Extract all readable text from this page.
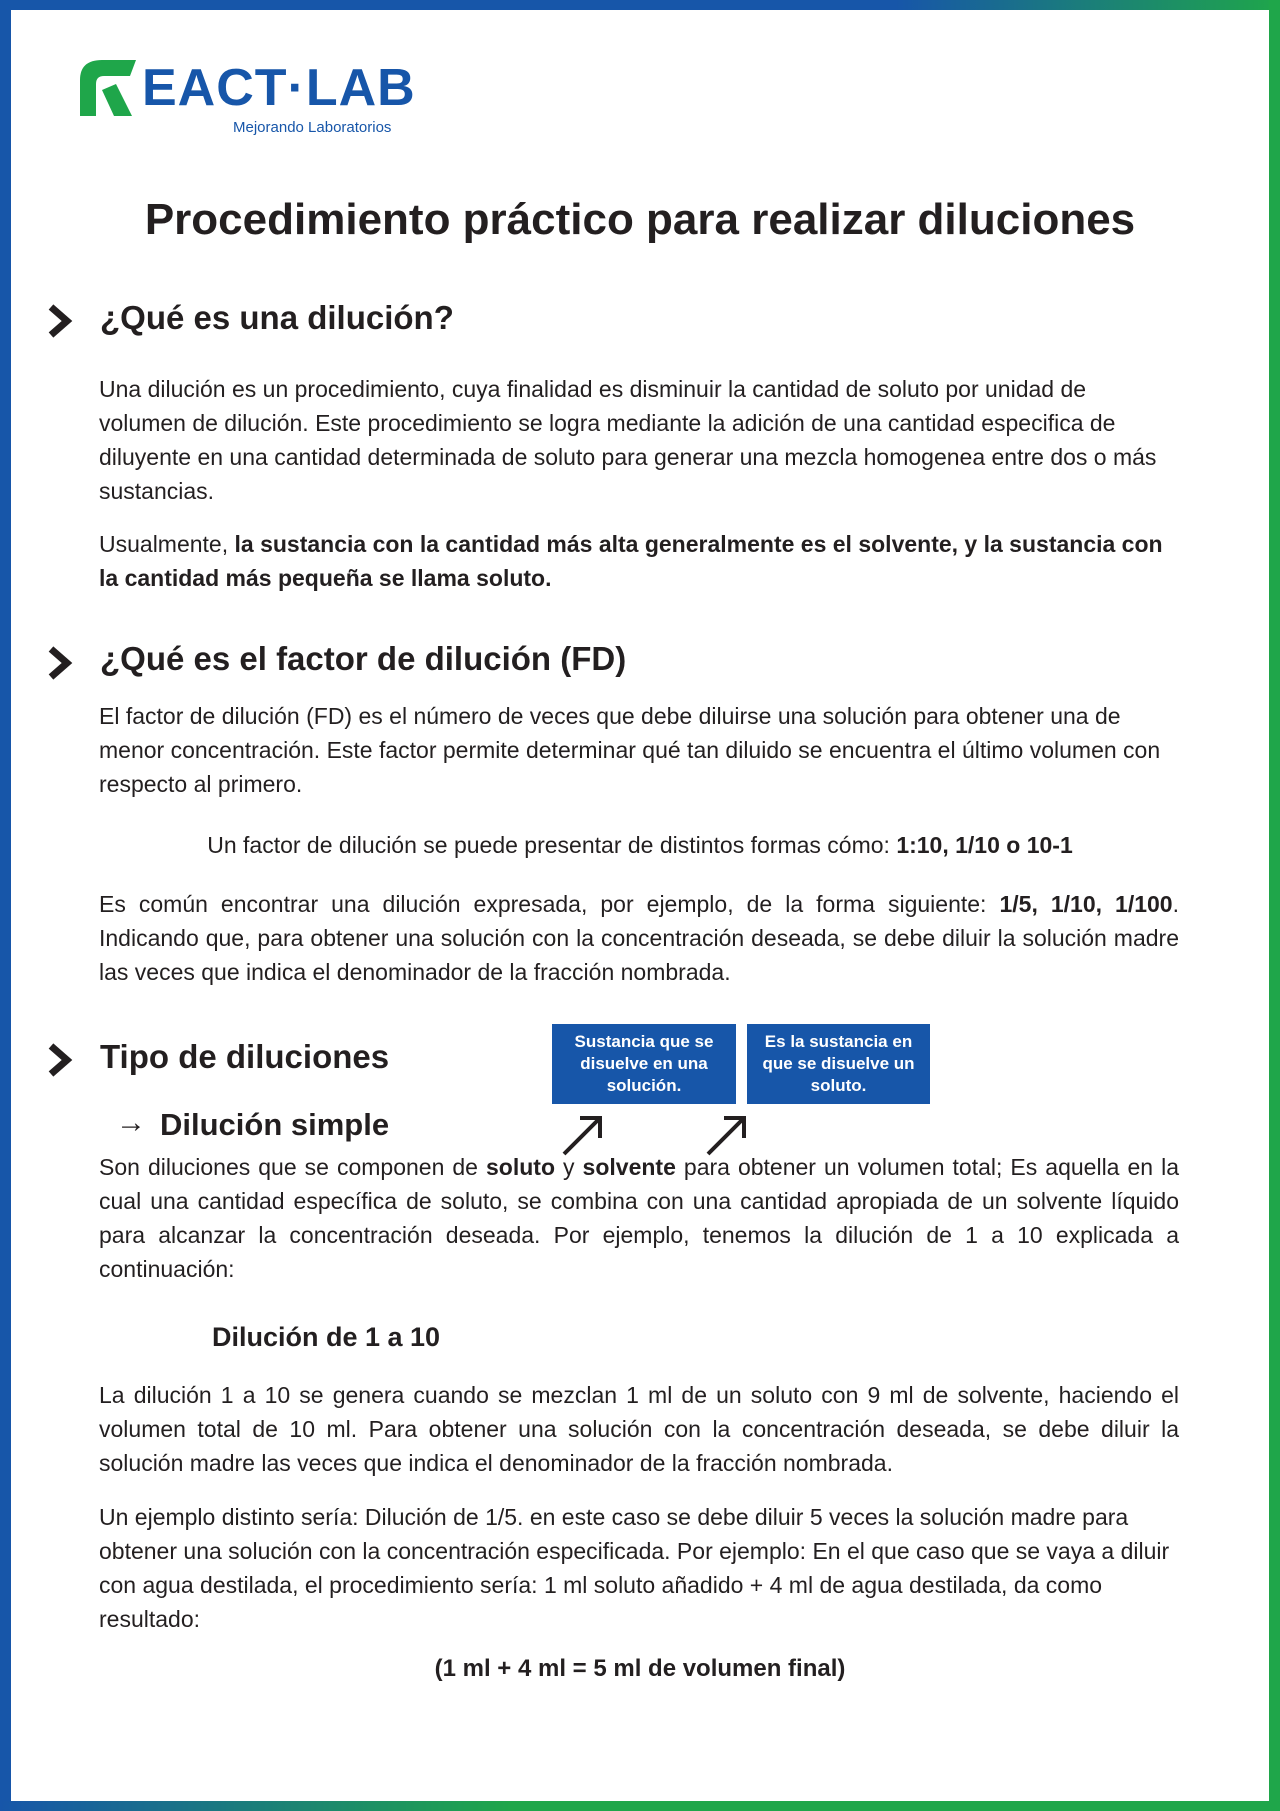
EACT·LAB
Mejorando Laboratorios
Procedimiento práctico para realizar diluciones
¿Qué es una dilución?

Una dilución es un procedimiento, cuya finalidad es disminuir la cantidad de soluto por unidad de volumen de dilución. Este procedimiento se logra mediante la adición de una cantidad especifica de diluyente en una cantidad determinada de soluto para generar una mezcla homogenea entre dos o más sustancias.

Usualmente, la sustancia con la cantidad más alta generalmente es el solvente, y la sustancia con la cantidad más pequeña se llama soluto.

¿Qué es el factor de dilución (FD)

El factor de dilución (FD) es el número de veces que debe diluirse una solución para obtener una de menor concentración. Este factor permite determinar qué tan diluido se encuentra el último volumen con respecto al primero.

Un factor de dilución se puede presentar de distintos formas cómo: 1:10, 1/10 o 10-1

Es común encontrar una dilución expresada, por ejemplo, de la forma siguiente: 1/5, 1/10, 1/100. Indicando que, para obtener una solución con la concentración deseada, se debe diluir la solución madre las veces que indica el denominador de la fracción nombrada.

Tipo de diluciones	Sustancia que se disuelve en una solución.
Es la sustancia en que se disuelve un soluto.
→ Dilución simple

Son diluciones que se componen de soluto y solvente para obtener un volumen total; Es aquella en la cual una cantidad específica de soluto, se combina con una cantidad apropiada de un solvente líquido para alcanzar la concentración deseada. Por ejemplo, tenemos la dilución de 1 a 10 explicada a continuación:

Dilución de 1 a 10

La dilución 1 a 10 se genera cuando se mezclan 1 ml de un soluto con 9 ml de solvente, haciendo el volumen total de 10 ml. Para obtener una solución con la concentración deseada, se debe diluir la solución madre las veces que indica el denominador de la fracción nombrada.

Un ejemplo distinto sería: Dilución de 1/5. en este caso se debe diluir 5 veces la solución madre para obtener una solución con la concentración especificada. Por ejemplo: En el que caso que se vaya a diluir con agua destilada, el procedimiento sería: 1 ml soluto añadido + 4 ml de agua destilada, da como resultado:

(1 ml + 4 ml = 5 ml de volumen final)
